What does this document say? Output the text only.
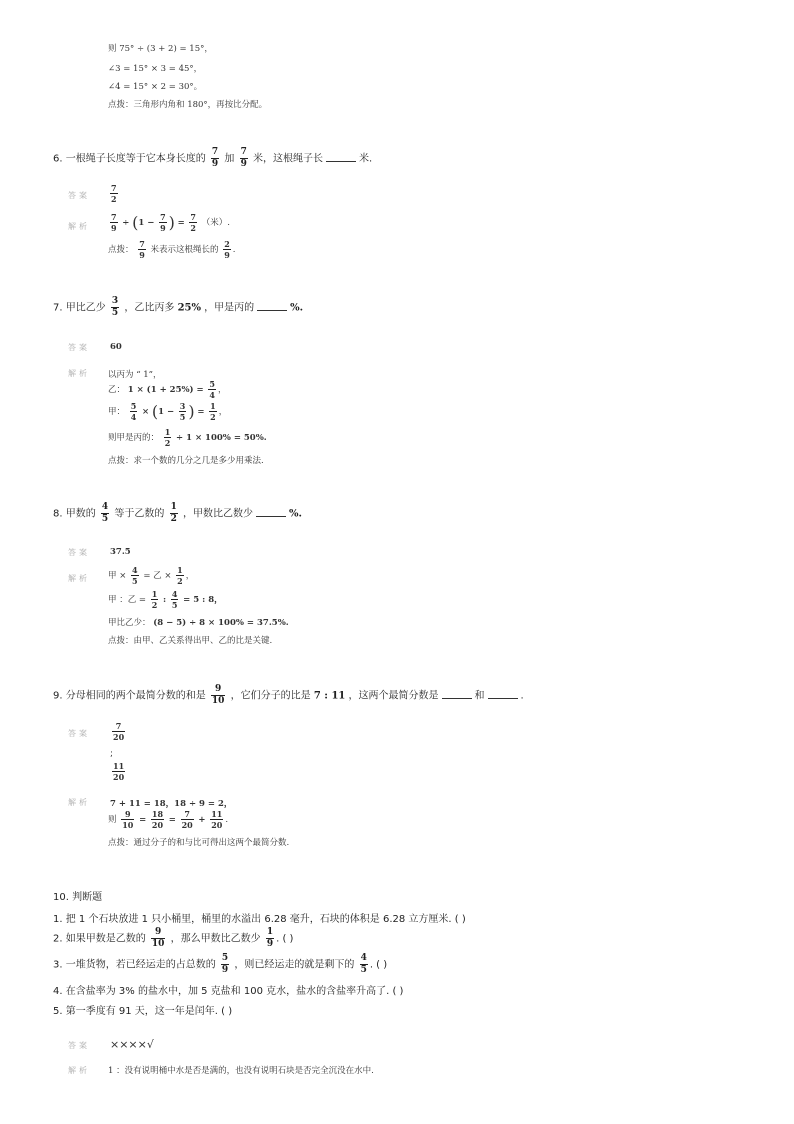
则 75° ÷ (3 + 2) = 15°，
∠3 = 15° × 3 = 45°，
∠4 = 15° × 2 = 30°。
点拨：三角形内角和 180°，再按比分配。
6. 一根绳子长度等于它本身长度的 $\frac{7}{9}$ 加 $\frac{7}{9}$ 米，这根绳子长	米.
答案	$\frac{7}{2}$
解析	$\frac{7}{9} \div (1 - \frac{7}{9}$ ) = $\frac{7}{2}$ （米）.
点拨： $\frac{7}{9}$ 米表示这根绳长的 $\frac{2}{9}$ .
7. 甲比乙少 $\frac{3}{5}$ ，乙比丙多 25% ，甲是丙的	%.
答案 60
解析 以丙为 “ 1”，
乙： $1 \times (1 + 25\%) = \frac{5}{4}$ ，
甲： $\frac{5}{4} \times (1 - \frac{3}{5}$ ) = $\frac{1}{2}$ ，
则甲是丙的： $\frac{1}{2} \div 1 \times 100\% = 50\%$.
点拨：求一个数的几分之几是多少用乘法.
8. 甲数的 $\frac{4}{5}$ 等于乙数的 $\frac{1}{2}$ ，甲数比乙数少	%.
答案 37.5
解析 甲 × $\frac{4}{5}$ = 乙 × $\frac{1}{2}$ ，
甲 ：乙 = $\frac{1}{2}$ : $\frac{4}{5} = 5$ : 8，
甲比乙少： (8 − 5) ÷ 8 × 100% = 37.5%.
点拨：由甲、乙关系得出甲、乙的比是关键.
9. 分母相同的两个最简分数的和是 $\frac{9}{10}$ ，它们分子的比是 7 : 11 ，这两个最简分数是	和	.
答案	$\frac{7}{20}$
;
$\frac{11}{20}$
解析 7 + 11 = 18，18 ÷ 9 = 2，
则 $\frac{9}{10} = \frac{18}{20} = \frac{7}{20} + \frac{11}{20}$ .
点拨：通过分子的和与比可得出这两个最简分数.
10. 判断题
1. 把 1 个石块放进 1 只小桶里，桶里的水溢出 6.28 毫升，石块的体积是 6.28 立方厘米. ( )
2. 如果甲数是乙数的 $\frac{9}{10}$ ，那么甲数比乙数少 $\frac{1}{9}$ . ( )
3. 一堆货物，若已经运走的占总数的 $\frac{5}{9}$ ，则已经运走的就是剩下的 $\frac{4}{5}$ . ( )
4. 在含盐率为 3% 的盐水中，加 5 克盐和 100 克水，盐水的含盐率升高了. ( )
5. 第一季度有 91 天，这一年是闰年. ( )
答案 ××××√
解析 1 ：没有说明桶中水是否是满的，也没有说明石块是否完全沉没在水中.
